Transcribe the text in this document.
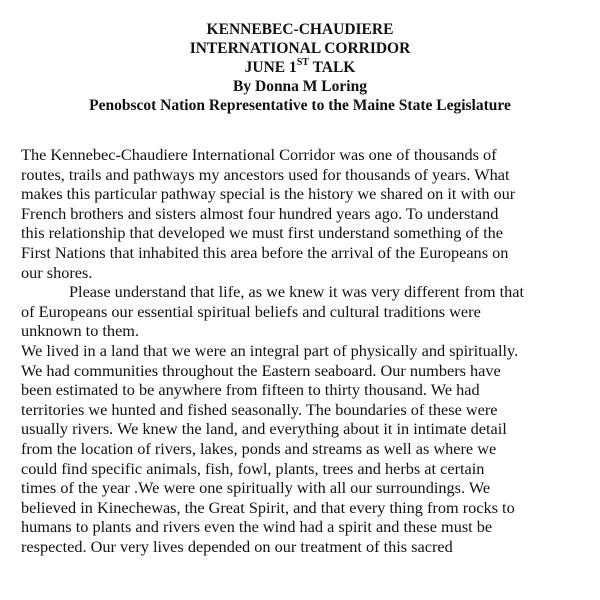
KENNEBEC-CHAUDIERE
INTERNATIONAL CORRIDOR
JUNE 1ST TALK
By Donna M Loring
Penobscot Nation Representative to the Maine State Legislature
The Kennebec-Chaudiere International Corridor was one of thousands of
routes, trails and pathways my ancestors used for thousands of years. What
makes this particular pathway special is the history we shared on it with our
French brothers and sisters almost four hundred years ago. To understand
this relationship that developed we must first understand something of the
First Nations that inhabited this area before the arrival of the Europeans on
our shores.
Please understand that life, as we knew it was very different from that
of Europeans our essential spiritual beliefs and cultural traditions were
unknown to them.
We lived in a land that we were an integral part of physically and spiritually.
We had communities throughout the Eastern seaboard. Our numbers have
been estimated to be anywhere from fifteen to thirty thousand. We had
territories we hunted and fished seasonally. The boundaries of these were
usually rivers. We knew the land, and everything about it in intimate detail
from the location of rivers, lakes, ponds and streams as well as where we
could find specific animals, fish, fowl, plants, trees and herbs at certain
times of the year .We were one spiritually with all our surroundings. We
believed in Kinechewas, the Great Spirit, and that every thing from rocks to
humans to plants and rivers even the wind had a spirit and these must be
respected. Our very lives depended on our treatment of this sacred
